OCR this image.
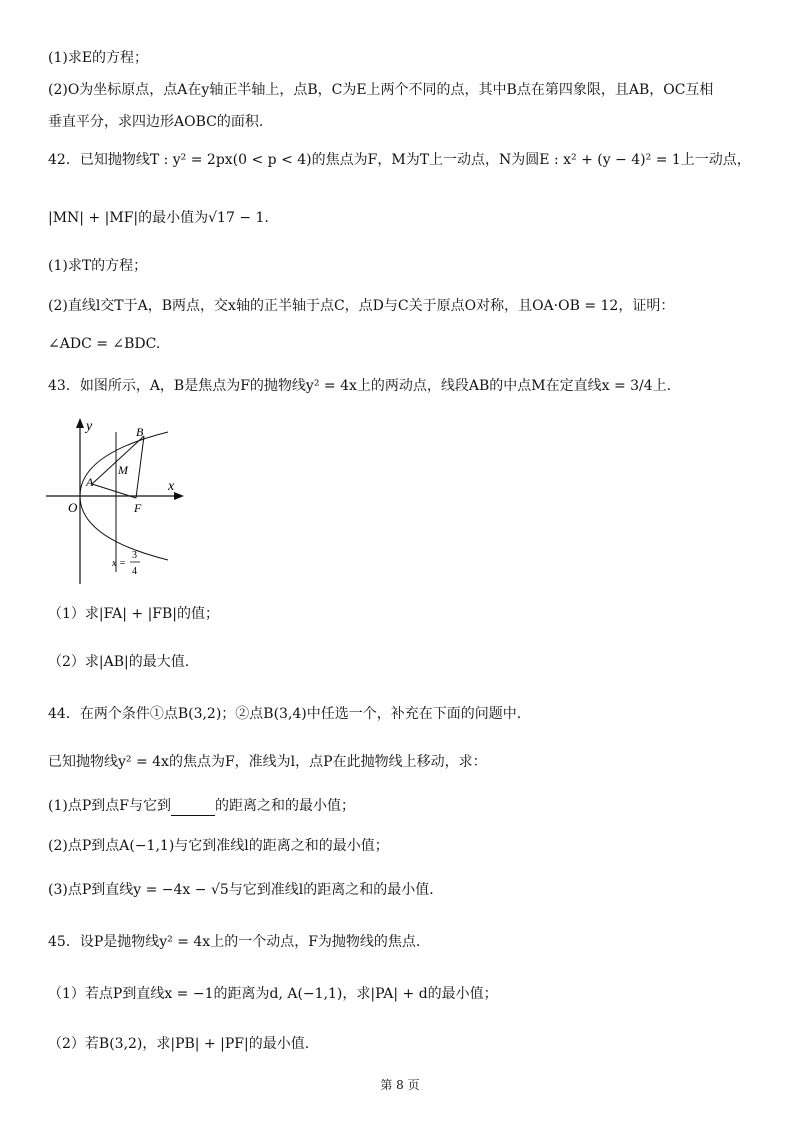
(1)求E的方程；
(2)O为坐标原点，点A在y轴正半轴上，点B，C为E上两个不同的点，其中B点在第四象限，且AB，OC互相
垂直平分，求四边形AOBC的面积.
42．已知抛物线T : y² = 2px(0 < p < 4)的焦点为F，M为T上一动点，N为圆E : x² + (y − 4)² = 1上一动点，
|MN| + |MF|的最小值为√17 − 1.
(1)求T的方程；
(2)直线l交T于A，B两点，交x轴的正半轴于点C，点D与C关于原点O对称，且OA·OB = 12，证明：
∠ADC = ∠BDC.
43．如图所示，A，B是焦点为F的抛物线y² = 4x上的两动点，线段AB的中点M在定直线x = 3/4上.
y
x
O
A
B
M
F
x =
3
4
（1）求|FA| + |FB|的值；
（2）求|AB|的最大值.
44．在两个条件①点B(3,2)；②点B(3,4)中任选一个，补充在下面的问题中.
已知抛物线y² = 4x的焦点为F，准线为l，点P在此抛物线上移动，求：
(1)点P到点F与它到	的距离之和的最小值；
(2)点P到点A(−1,1)与它到准线l的距离之和的最小值；
(3)点P到直线y = −4x − √5与它到准线l的距离之和的最小值.
45．设P是抛物线y² = 4x上的一个动点，F为抛物线的焦点.
（1）若点P到直线x = −1的距离为d, A(−1,1)，求|PA| + d的最小值；
（2）若B(3,2)，求|PB| + |PF|的最小值.
第 8 页
